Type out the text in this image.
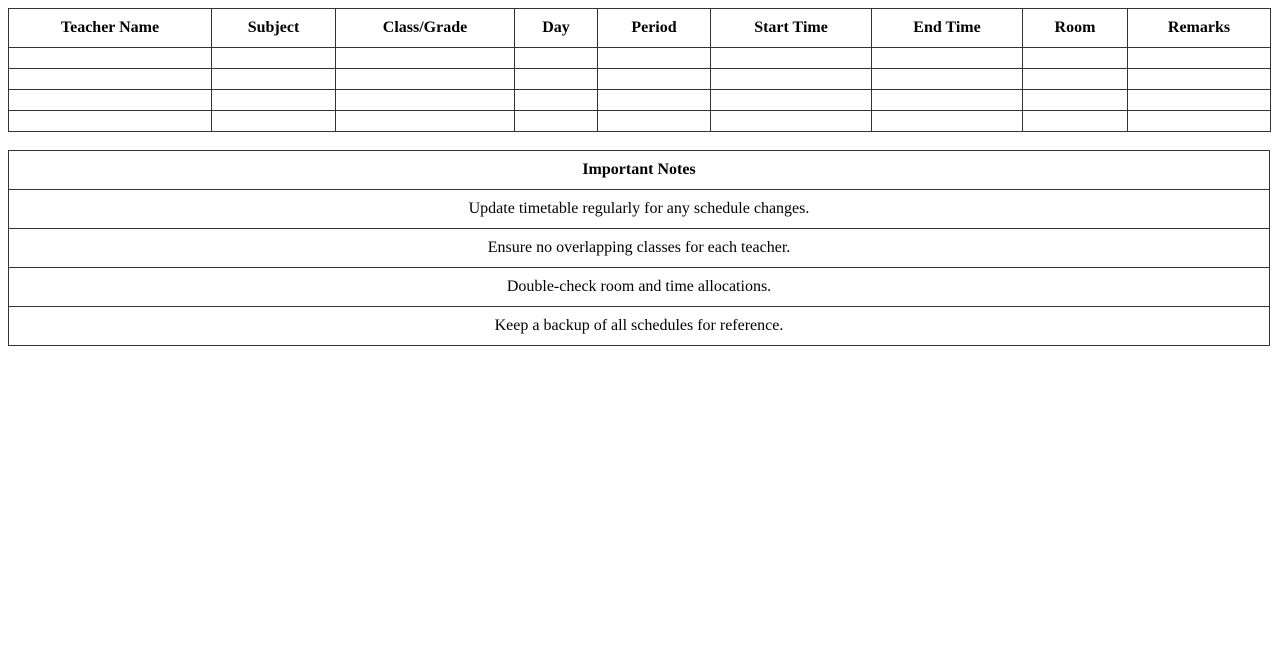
Teacher Name	Subject	Class/Grade	Day	Period	Start Time	End Time	Room	Remarks

Important Notes
Update timetable regularly for any schedule changes.
Ensure no overlapping classes for each teacher.
Double-check room and time allocations.
Keep a backup of all schedules for reference.
